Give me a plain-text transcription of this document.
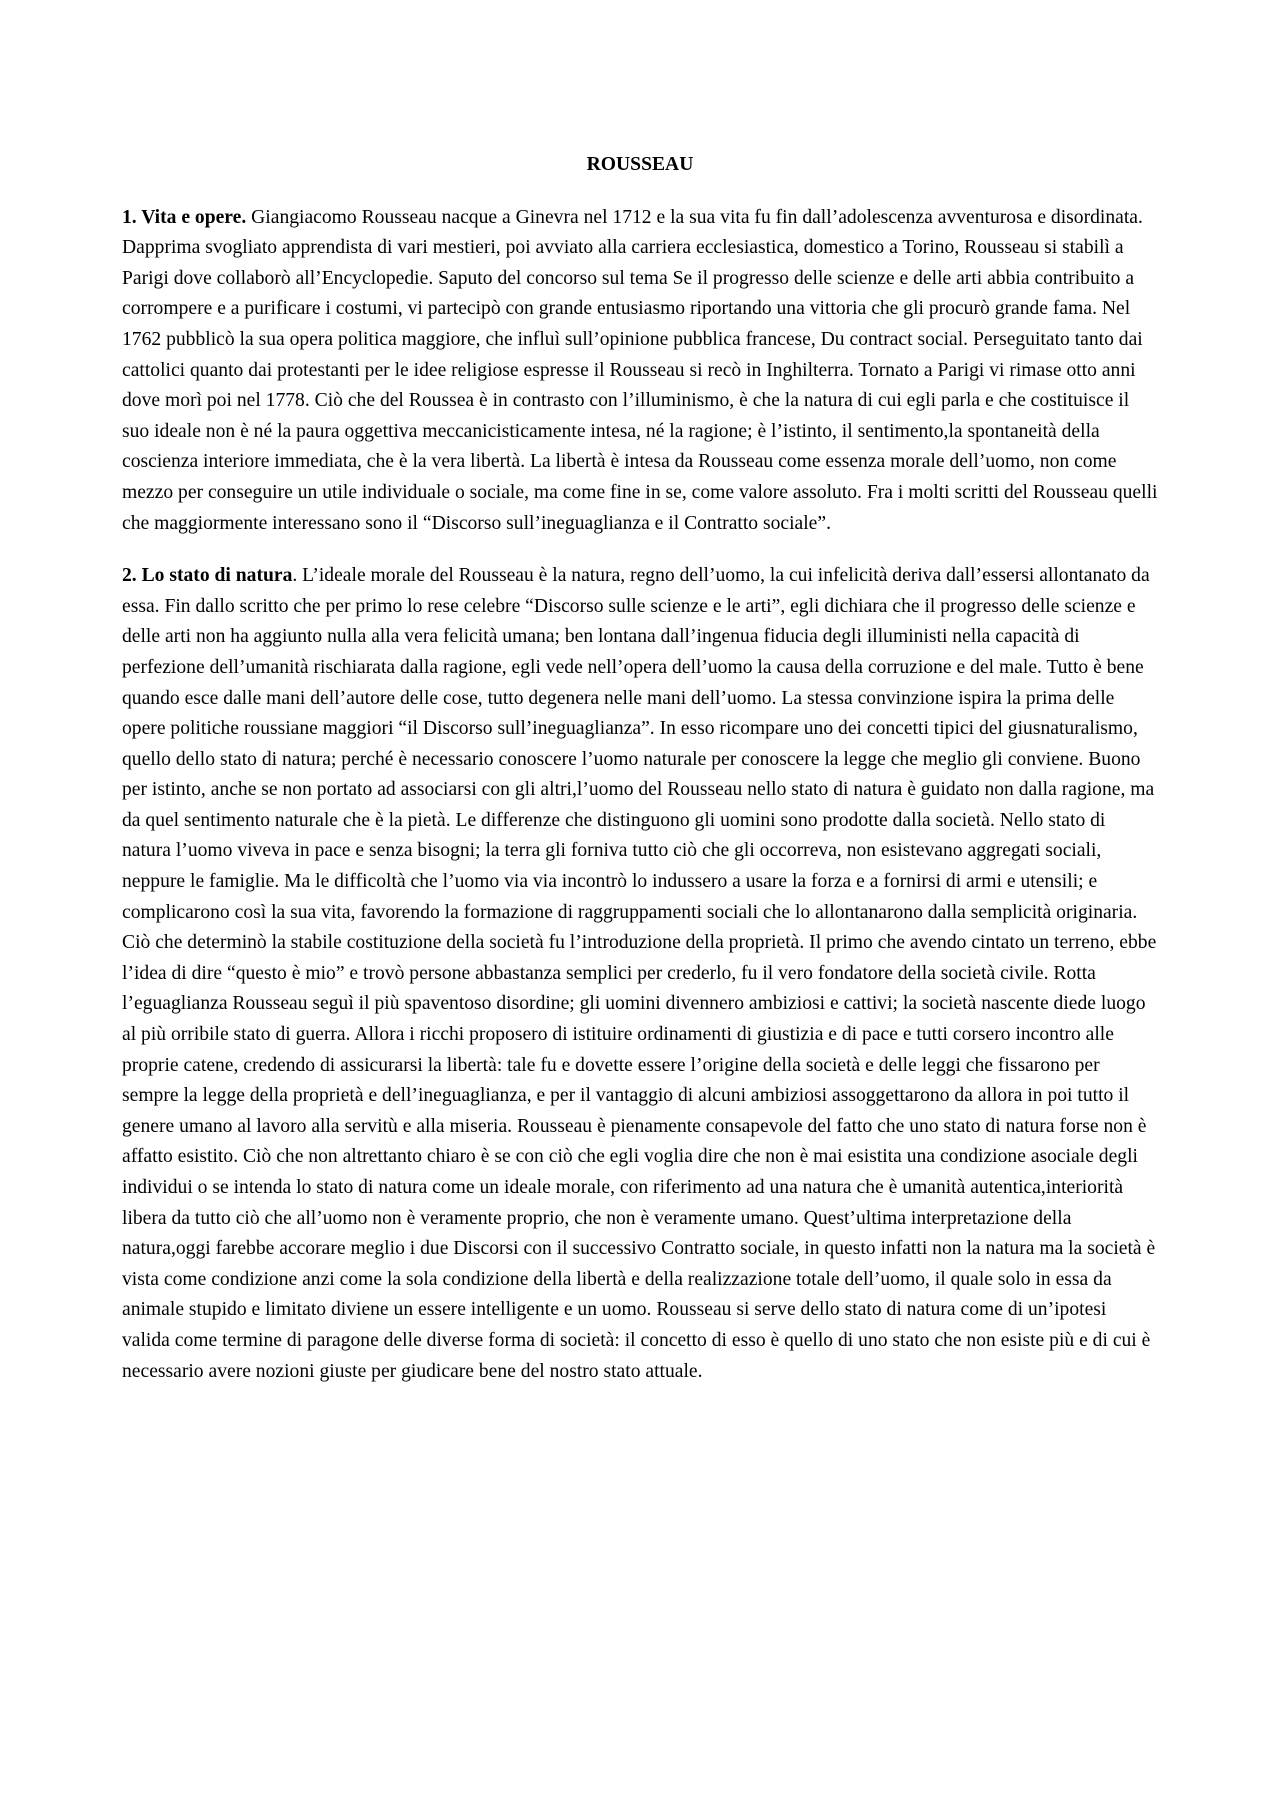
ROUSSEAU

1. Vita e opere. Giangiacomo Rousseau nacque a Ginevra nel 1712 e la sua vita fu fin dall’adolescenza avventurosa e disordinata. Dapprima svogliato apprendista di vari mestieri, poi avviato alla carriera ecclesiastica, domestico a Torino, Rousseau si stabilì a Parigi dove collaborò all’Encyclopedie. Saputo del concorso sul tema Se il progresso delle scienze e delle arti abbia contribuito a corrompere e a purificare i costumi, vi partecipò con grande entusiasmo riportando una vittoria che gli procurò grande fama. Nel 1762 pubblicò la sua opera politica maggiore, che influì sull’opinione pubblica francese, Du contract social. Perseguitato tanto dai cattolici quanto dai protestanti per le idee religiose espresse il Rousseau si recò in Inghilterra. Tornato a Parigi vi rimase otto anni dove morì poi nel 1778. Ciò che del Roussea è in contrasto con l’illuminismo, è che la natura di cui egli parla e che costituisce il suo ideale non è né la paura oggettiva meccanicisticamente intesa, né la ragione; è l’istinto, il sentimento,la spontaneità della coscienza interiore immediata, che è la vera libertà. La libertà è intesa da Rousseau come essenza morale dell’uomo, non come mezzo per conseguire un utile individuale o sociale, ma come fine in se, come valore assoluto. Fra i molti scritti del Rousseau quelli che maggiormente interessano sono il “Discorso sull’ineguaglianza e il Contratto sociale”.

2. Lo stato di natura. L’ideale morale del Rousseau è la natura, regno dell’uomo, la cui infelicità deriva dall’essersi allontanato da essa. Fin dallo scritto che per primo lo rese celebre “Discorso sulle scienze e le arti”, egli dichiara che il progresso delle scienze e delle arti non ha aggiunto nulla alla vera felicità umana; ben lontana dall’ingenua fiducia degli illuministi nella capacità di perfezione dell’umanità rischiarata dalla ragione, egli vede nell’opera dell’uomo la causa della corruzione e del male. Tutto è bene quando esce dalle mani dell’autore delle cose, tutto degenera nelle mani dell’uomo. La stessa convinzione ispira la prima delle opere politiche roussiane maggiori “il Discorso sull’ineguaglianza”. In esso ricompare uno dei concetti tipici del giusnaturalismo, quello dello stato di natura; perché è necessario conoscere l’uomo naturale per conoscere la legge che meglio gli conviene. Buono per istinto, anche se non portato ad associarsi con gli altri,l’uomo del Rousseau nello stato di natura è guidato non dalla ragione, ma da quel sentimento naturale che è la pietà. Le differenze che distinguono gli uomini sono prodotte dalla società. Nello stato di natura l’uomo viveva in pace e senza bisogni; la terra gli forniva tutto ciò che gli occorreva, non esistevano aggregati sociali, neppure le famiglie. Ma le difficoltà che l’uomo via via incontrò lo indussero a usare la forza e a fornirsi di armi e utensili; e complicarono così la sua vita, favorendo la formazione di raggruppamenti sociali che lo allontanarono dalla semplicità originaria. Ciò che determinò la stabile costituzione della società fu l’introduzione della proprietà. Il primo che avendo cintato un terreno, ebbe l’idea di dire “questo è mio” e trovò persone abbastanza semplici per crederlo, fu il vero fondatore della società civile. Rotta l’eguaglianza Rousseau seguì il più spaventoso disordine; gli uomini divennero ambiziosi e cattivi; la società nascente diede luogo al più orribile stato di guerra. Allora i ricchi proposero di istituire ordinamenti di giustizia e di pace e tutti corsero incontro alle proprie catene, credendo di assicurarsi la libertà: tale fu e dovette essere l’origine della società e delle leggi che fissarono per sempre la legge della proprietà e dell’ineguaglianza, e per il vantaggio di alcuni ambiziosi assoggettarono da allora in poi tutto il genere umano al lavoro alla servitù e alla miseria. Rousseau è pienamente consapevole del fatto che uno stato di natura forse non è affatto esistito. Ciò che non altrettanto chiaro è se con ciò che egli voglia dire che non è mai esistita una condizione asociale degli individui o se intenda lo stato di natura come un ideale morale, con riferimento ad una natura che è umanità autentica,interiorità libera da tutto ciò che all’uomo non è veramente proprio, che non è veramente umano. Quest’ultima interpretazione della natura,oggi farebbe accorare meglio i due Discorsi con il successivo Contratto sociale, in questo infatti non la natura ma la società è vista come condizione anzi come la sola condizione della libertà e della realizzazione totale dell’uomo, il quale solo in essa da animale stupido e limitato diviene un essere intelligente e un uomo. Rousseau si serve dello stato di natura come di un’ipotesi valida come termine di paragone delle diverse forma di società: il concetto di esso è quello di uno stato che non esiste più e di cui è necessario avere nozioni giuste per giudicare bene del nostro stato attuale.
